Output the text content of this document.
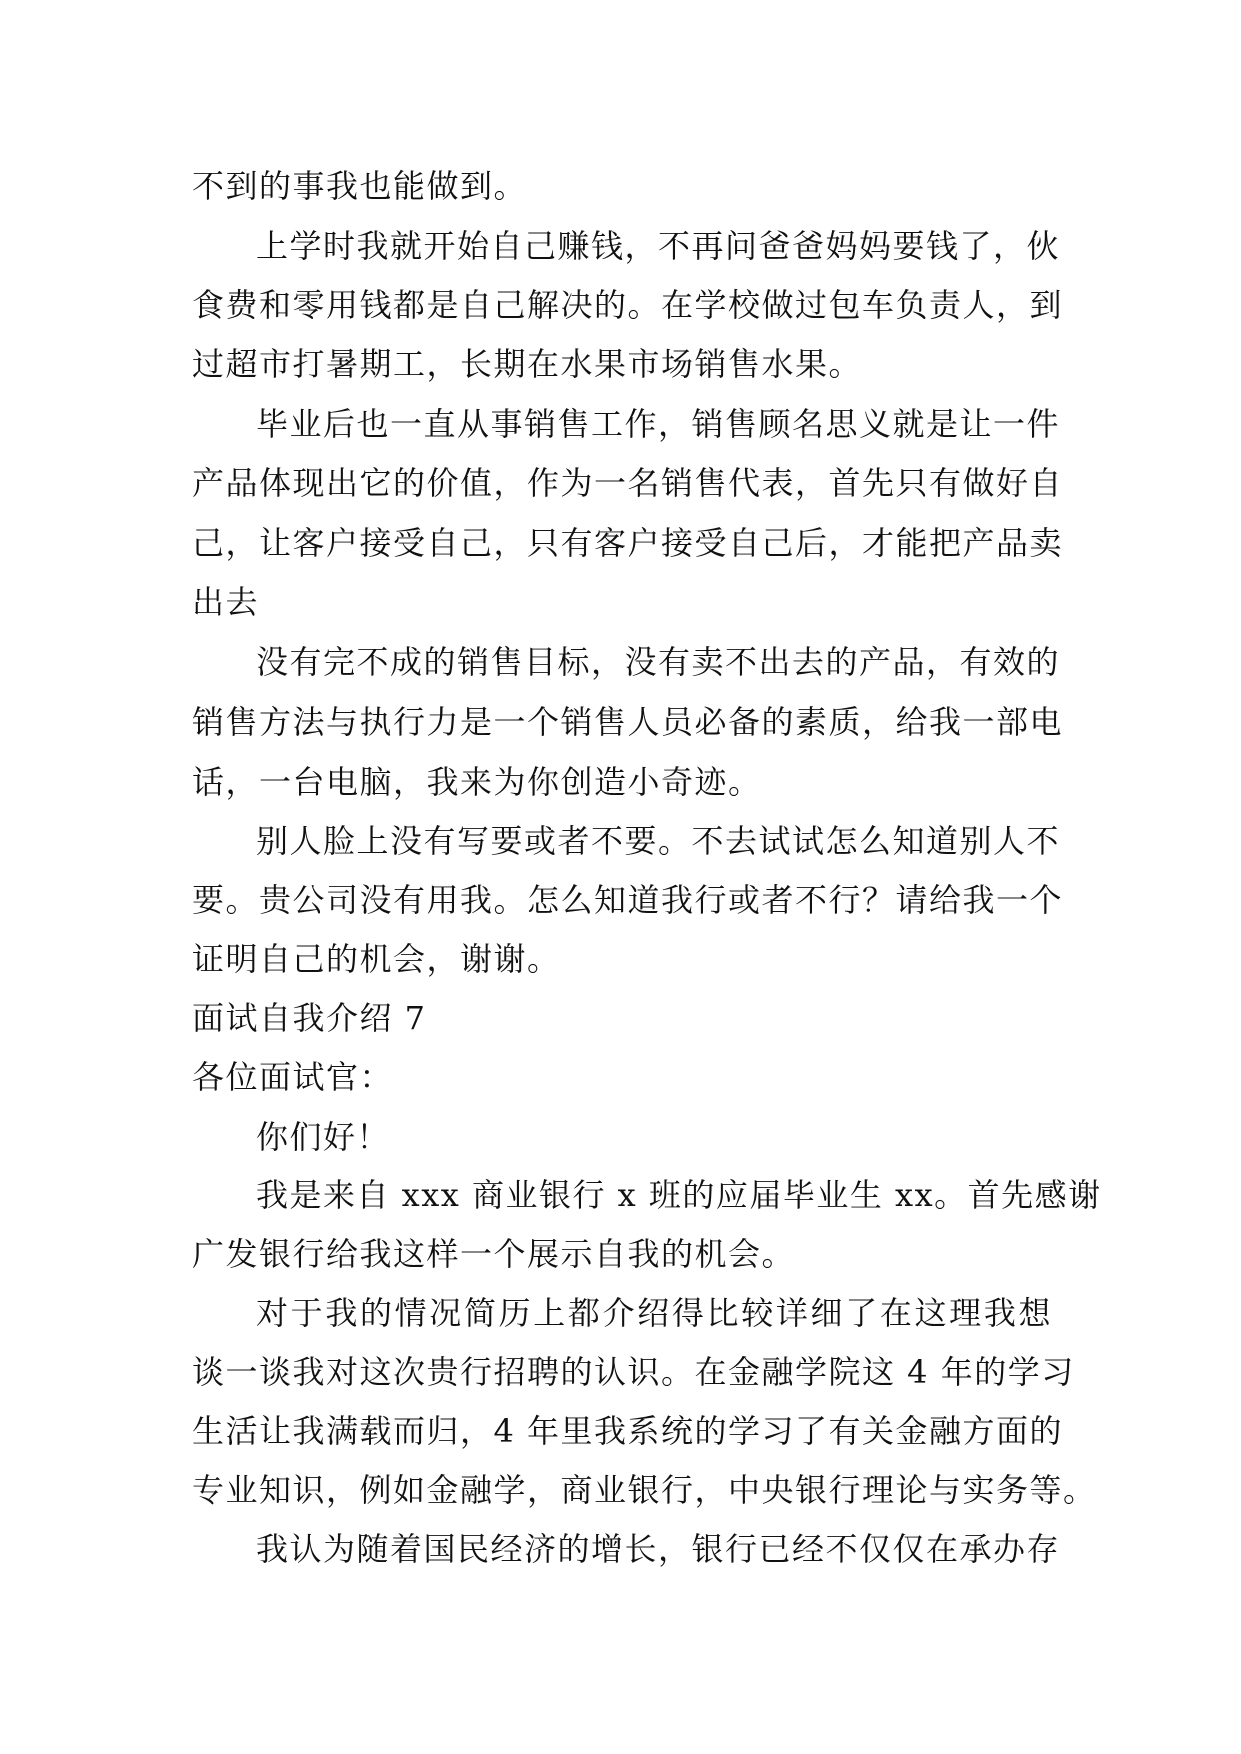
不到的事我也能做到。
上学时我就开始自己赚钱，不再问爸爸妈妈要钱了，伙
食费和零用钱都是自己解决的。在学校做过包车负责人，到
过超市打暑期工，长期在水果市场销售水果。
毕业后也一直从事销售工作，销售顾名思义就是让一件
产品体现出它的价值，作为一名销售代表，首先只有做好自
己，让客户接受自己，只有客户接受自己后，才能把产品卖
出去
没有完不成的销售目标，没有卖不出去的产品，有效的
销售方法与执行力是一个销售人员必备的素质，给我一部电
话，一台电脑，我来为你创造小奇迹。
别人脸上没有写要或者不要。不去试试怎么知道别人不
要。贵公司没有用我。怎么知道我行或者不行？请给我一个
证明自己的机会，谢谢。
面试自我介绍 7
各位面试官：
你们好！
我是来自 xxx 商业银行 x 班的应届毕业生 xx。首先感谢
广发银行给我这样一个展示自我的机会。
对于我的情况简历上都介绍得比较详细了在这理我想
谈一谈我对这次贵行招聘的认识。在金融学院这 4 年的学习
生活让我满载而归，4 年里我系统的学习了有关金融方面的
专业知识，例如金融学，商业银行，中央银行理论与实务等。
我认为随着国民经济的增长，银行已经不仅仅在承办存
